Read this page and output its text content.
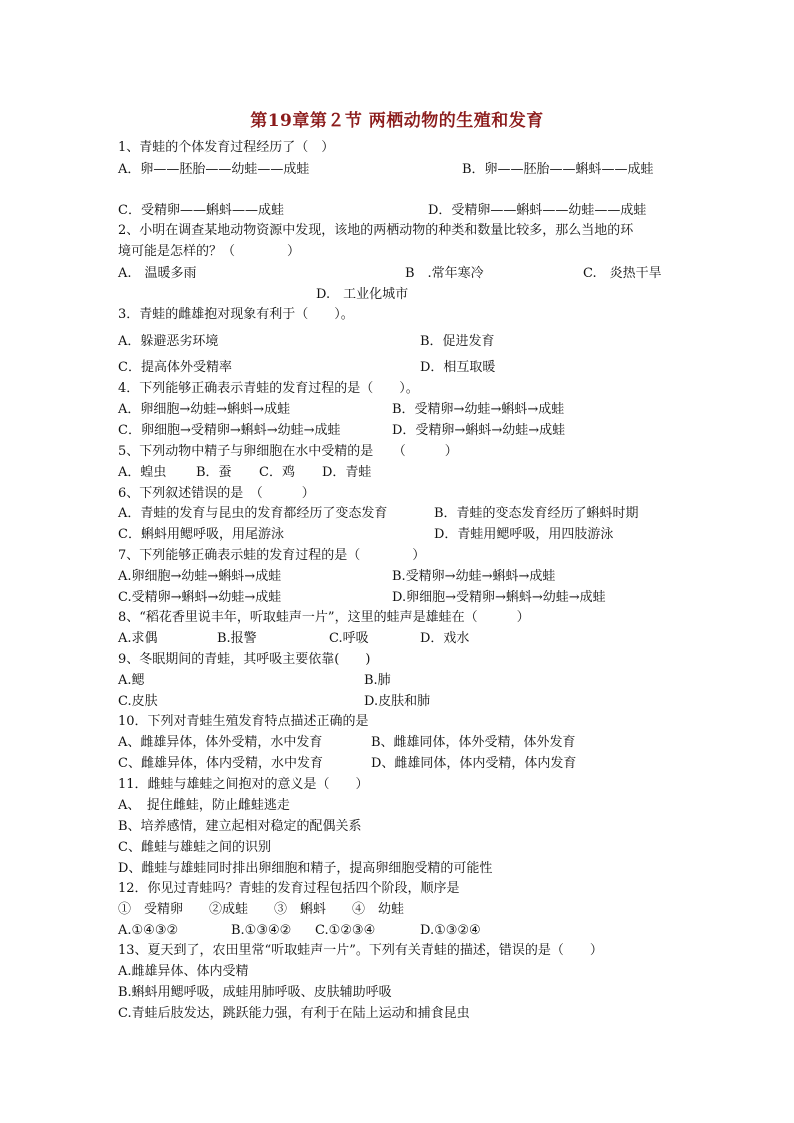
第19章第２节 两栖动物的生殖和发育
1、青蛙的个体发育过程经历了（　）
A．卵——胚胎——幼蛙——成蛙	B．卵——胚胎——蝌蚪——成蛙
C．受精卵——蝌蚪——成蛙	D．受精卵——蝌蚪——幼蛙——成蛙
2、小明在调查某地动物资源中发现，该地的两栖动物的种类和数量比较多，那么当地的环
境可能是怎样的？（　　　　）
A.　温暖多雨	B　.常年寒冷	C.　炎热干旱
D.　工业化城市
3．青蛙的雌雄抱对现象有利于（　　）。
A．躲避恶劣环境	B．促进发育
C．提高体外受精率	D．相互取暖
4．下列能够正确表示青蛙的发育过程的是（　　）。
A．卵细胞→幼蛙→蝌蚪→成蛙	B．受精卵→幼蛙→蝌蚪→成蛙
C．卵细胞→受精卵→蝌蚪→幼蛙→成蛙	D．受精卵→蝌蚪→幼蛙→成蛙
5、下列动物中精子与卵细胞在水中受精的是　　（　　　）
A．蝗虫 B．蚕 C．鸡 D．青蛙
6、下列叙述错误的是　（　　　）
A．青蛙的发育与昆虫的发育都经历了变态发育	B．青蛙的变态发育经历了蝌蚪时期
C．蝌蚪用鳃呼吸，用尾游泳	D．青蛙用鳃呼吸，用四肢游泳
7、下列能够正确表示蛙的发育过程的是（　　　　）
A.卵细胞→幼蛙→蝌蚪→成蛙	B.受精卵→幼蛙→蝌蚪→成蛙
C.受精卵→蝌蚪→幼蛙→成蛙	D.卵细胞→受精卵→蝌蚪→幼蛙→成蛙
8、“稻花香里说丰年，听取蛙声一片”，这里的蛙声是雄蛙在（　　　）
A.求偶	B.报警	C.呼吸	D．戏水
9、冬眠期间的青蛙，其呼吸主要依靠(　　)
A.鳃	B.肺
C.皮肤	D.皮肤和肺
10．下列对青蛙生殖发育特点描述正确的是
A、雌雄异体，体外受精，水中发育	B、雌雄同体，体外受精，体外发育
C、雌雄异体，体内受精，水中发育	D、雌雄同体，体内受精，体内发育
11．雌蛙与雄蛙之间抱对的意义是（　　）
A、　捉住雌蛙，防止雌蛙逃走
B、培养感情，建立起相对稳定的配偶关系
C、雌蛙与雄蛙之间的识别
D、雌蛙与雄蛙同时排出卵细胞和精子，提高卵细胞受精的可能性
12．你见过青蛙吗？青蛙的发育过程包括四个阶段，顺序是
①　受精卵　　②成蛙　　③　蝌蚪　　④　幼蛙
A.①④③②	B.①③④② C.①②③④	D.①③②④
13、夏天到了，农田里常“听取蛙声一片”。下列有关青蛙的描述，错误的是（　　）
A.雌雄异体、体内受精
B.蝌蚪用鳃呼吸，成蛙用肺呼吸、皮肤辅助呼吸
C.青蛙后肢发达，跳跃能力强，有利于在陆上运动和捕食昆虫
